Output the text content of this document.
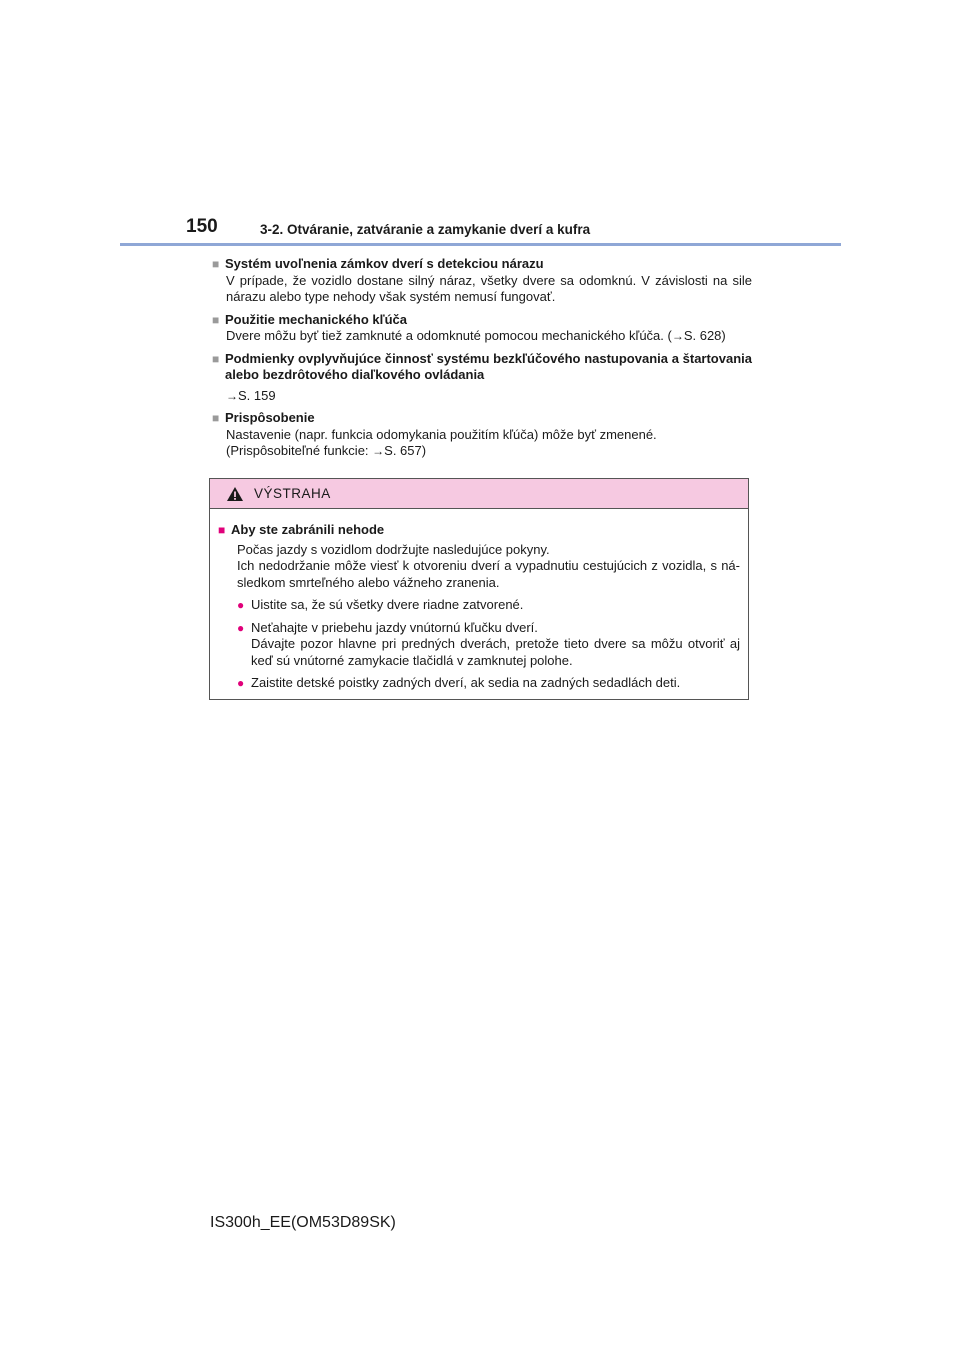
150	3-2. Otváranie, zatváranie a zamykanie dverí a kufra
■ Systém uvoľnenia zámkov dverí s detekciou nárazu
V prípade, že vozidlo dostane silný náraz, všetky dvere sa odomknú. V závislosti na sile nárazu alebo type nehody však systém nemusí fungovať.
■ Použitie mechanického kľúča
Dvere môžu byť tiež zamknuté a odomknuté pomocou mechanického kľúča. (→S. 628)
■ Podmienky ovplyvňujúce činnosť systému bezkľúčového nastupovania a štartovania alebo bezdrôtového diaľkového ovládania
→S. 159
■ Prispôsobenie
Nastavenie (napr. funkcia odomykania použitím kľúča) môže byť zmenené.
(Prispôsobiteľné funkcie: →S. 657)
VÝSTRAHA
■ Aby ste zabránili nehode
Počas jazdy s vozidlom dodržujte nasledujúce pokyny.
Ich nedodržanie môže viesť k otvoreniu dverí a vypadnutiu cestujúcich z vozidla, s ná-sledkom smrteľného alebo vážneho zranenia.
● Uistite sa, že sú všetky dvere riadne zatvorené.
● Neťahajte v priebehu jazdy vnútornú kľučku dverí.
Dávajte pozor hlavne pri predných dverách, pretože tieto dvere sa môžu otvoriť aj keď sú vnútorné zamykacie tlačidlá v zamknutej polohe.
● Zaistite detské poistky zadných dverí, ak sedia na zadných sedadlách deti.
IS300h_EE(OM53D89SK)
